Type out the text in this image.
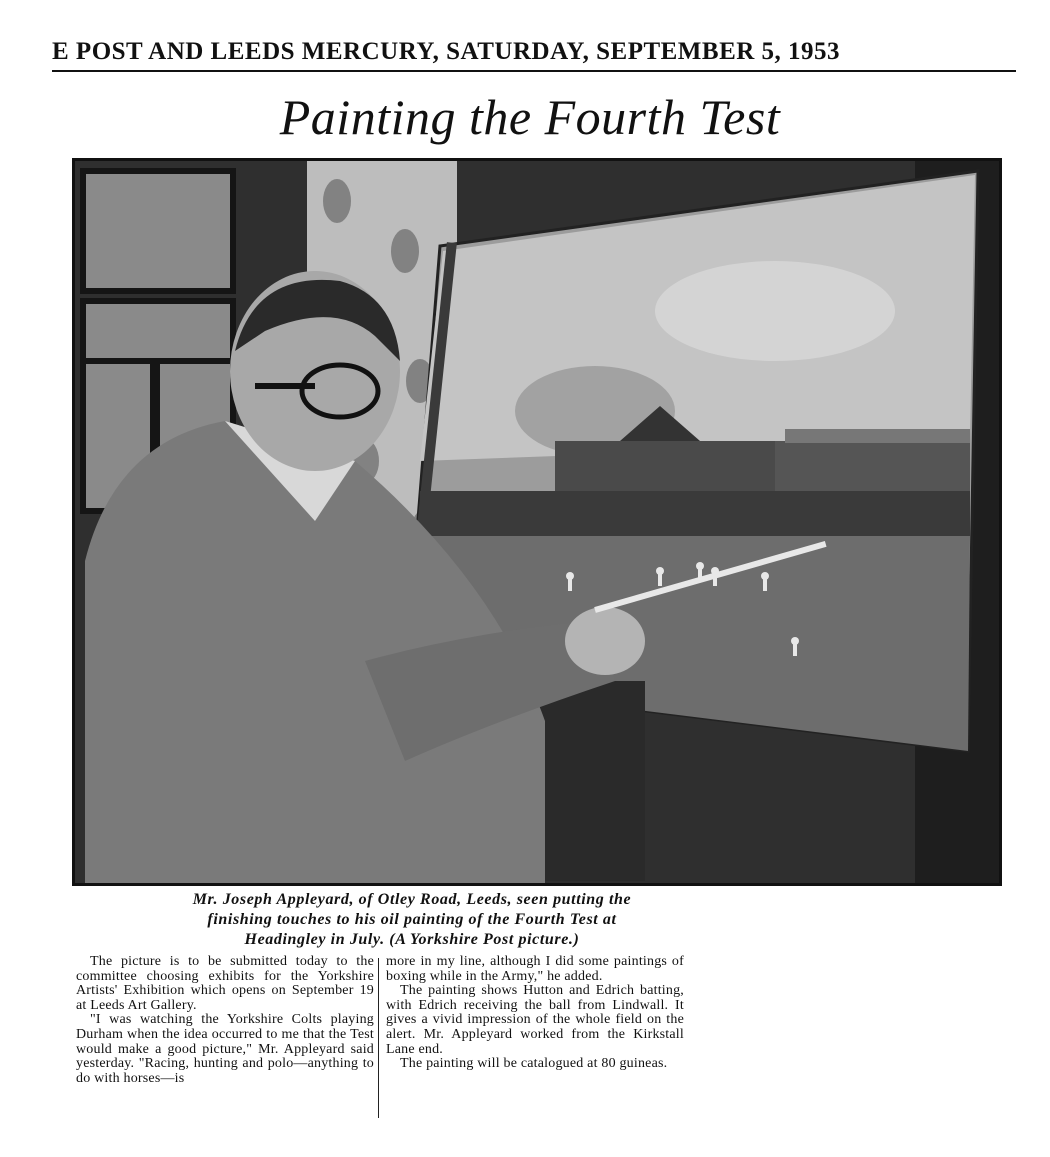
E POST AND LEEDS MERCURY, SATURDAY, SEPTEMBER 5, 1953
Painting the Fourth Test
Mr. Joseph Appleyard, of Otley Road, Leeds, seen putting the
finishing touches to his oil painting of the Fourth Test at
Headingley in July. (A Yorkshire Post picture.)

The picture is to be submitted today to the committee choosing exhibits for the Yorkshire Artists' Exhibition which opens on September 19 at Leeds Art Gallery.

"I was watching the Yorkshire Colts playing Durham when the idea occurred to me that the Test would make a good picture," Mr. Appleyard said yesterday. "Racing, hunting and polo—anything to do with horses—is

more in my line, although I did some paintings of boxing while in the Army," he added.

The painting shows Hutton and Edrich batting, with Edrich receiving the ball from Lindwall. It gives a vivid impression of the whole field on the alert. Mr. Appleyard worked from the Kirkstall Lane end.

The painting will be catalogued at 80 guineas.
